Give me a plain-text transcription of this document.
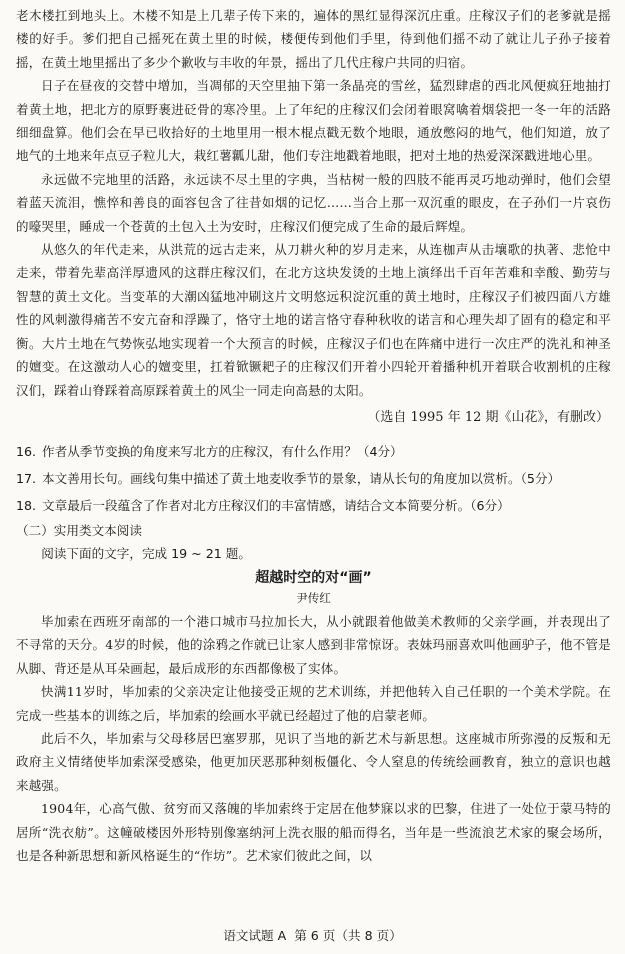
老木楼扛到地头上。木楼不知是上几辈子传下来的，遍体的黑红显得深沉庄重。庄稼汉子们的老爹就是摇楼的好手。爹们把自己摇死在黄土里的时候，楼便传到他们手里，待到他们摇不动了就让儿子孙子接着摇，在黄土地里摇出了多少个歉收与丰收的年景，摇出了几代庄稼户共同的归宿。

日子在昼夜的交替中增加，当凋郁的天空里抽下第一条晶亮的雪丝，猛烈肆虐的西北风便疯狂地抽打着黄土地，把北方的原野裹进砭骨的寒冷里。上了年纪的庄稼汉们会闭着眼窝噙着烟袋把一冬一年的活路细细盘算。他们会在早已收拾好的土地里用一根木棍点戳无数个地眼，通放憋闷的地气，他们知道，放了地气的土地来年点豆子粒儿大，栽红薯瓤儿甜，他们专注地戳着地眼，把对土地的热爱深深戳进地心里。

永远做不完地里的活路，永远读不尽土里的字典，当枯树一般的四肢不能再灵巧地动弹时，他们会望着蓝天流泪，憔悴和善良的面容包含了往昔如烟的记忆……当合上那一双沉重的眼皮，在子孙们一片哀伤的嚎哭里，睡成一个苍黄的土包入土为安时，庄稼汉们便完成了生命的最后辉煌。

从悠久的年代走来，从洪荒的远古走来，从刀耕火种的岁月走来，从连枷声从击壤歌的执著、悲怆中走来，带着先辈高洋厚遗风的这群庄稼汉们，在北方这块发烫的土地上演绎出千百年苦难和幸酸、勤劳与智慧的黄土文化。当变革的大潮凶猛地冲刷这片文明悠远积淀沉重的黄土地时，庄稼汉子们被四面八方雄性的风刺激得痛苦不安亢奋和浮躁了，恪守土地的诺言恪守春种秋收的诺言和心理失却了固有的稳定和平衡。大片土地在气势恢弘地实现着一个大预言的时候，庄稼汉子们也在阵痛中进行一次庄严的洗礼和神圣的嬗变。在这激动人心的嬗变里，扛着锨镢耙子的庄稼汉们开着小四轮开着播种机开着联合收割机的庄稼汉们，踩着山脊踩着高原踩着黄土的风尘一同走向高悬的太阳。

（选自 1995 年 12 期《山花》，有删改）

16. 作者从季节变换的角度来写北方的庄稼汉，有什么作用？（4分）

17. 本文善用长句。画线句集中描述了黄土地麦收季节的景象，请从长句的角度加以赏析。（5分）

18. 文章最后一段蕴含了作者对北方庄稼汉们的丰富情感，请结合文本简要分析。（6分）

（二）实用类文本阅读

阅读下面的文字，完成 19 ~ 21 题。

超越时空的对“画”

尹传红

毕加索在西班牙南部的一个港口城市马拉加长大，从小就跟着他做美术教师的父亲学画，并表现出了不寻常的天分。4岁的时候，他的涂鸦之作就已让家人感到非常惊讶。表妹玛丽喜欢叫他画驴子，他不管是从脚、背还是从耳朵画起，最后成形的东西都像极了实体。

快满11岁时，毕加索的父亲决定让他接受正规的艺术训练，并把他转入自己任职的一个美术学院。在完成一些基本的训练之后，毕加索的绘画水平就已经超过了他的启蒙老师。

此后不久，毕加索与父母移居巴塞罗那，见识了当地的新艺术与新思想。这座城市所弥漫的反叛和无政府主义情绪使毕加索深受感染，他更加厌恶那种刻板僵化、令人窒息的传统绘画教育，独立的意识也越来越强。

1904年，心高气傲、贫穷而又落魄的毕加索终于定居在他梦寐以求的巴黎，住进了一处位于蒙马特的居所“洗衣舫”。这幢破楼因外形特别像塞纳河上洗衣服的船而得名，当年是一些流浪艺术家的聚会场所，也是各种新思想和新风格诞生的“作坊”。艺术家们彼此之间，以

语文试题 A 第 6 页（共 8 页）
